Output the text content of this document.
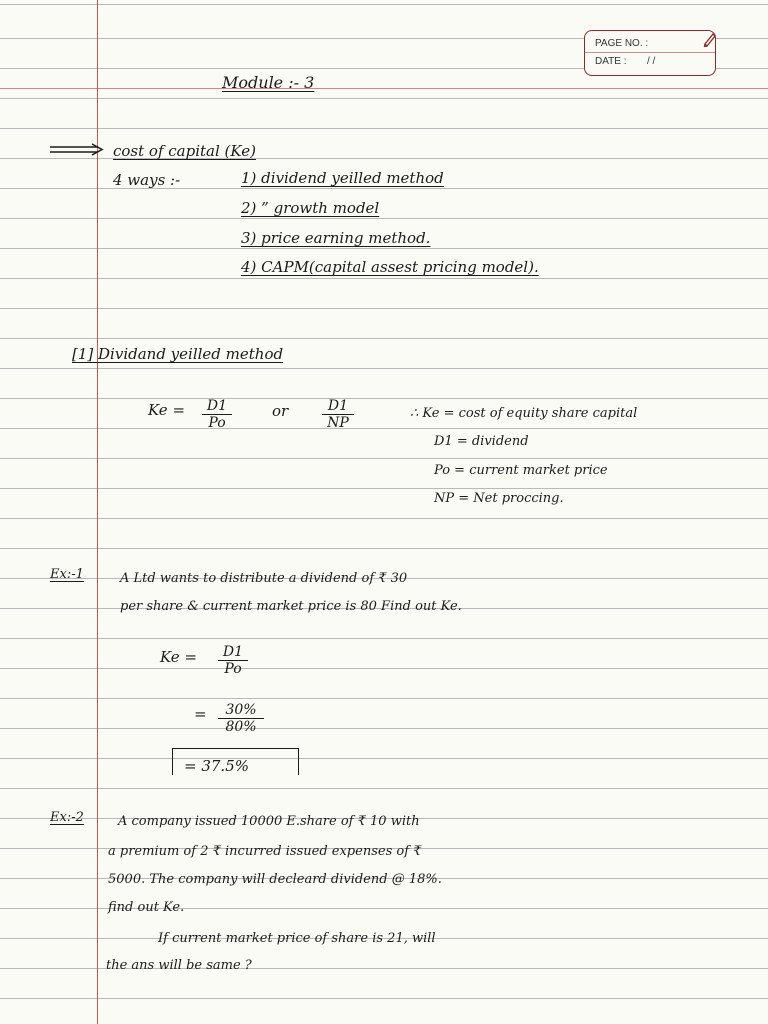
PAGE NO. :
DATE : / /
Module :- 3
cost of capital (Ke)
4 ways :-	1) dividend yeilled method
2) ” growth model
3) price earning method.
4) CAPM(capital assest pricing model).
[1] Dividand yeilled method
$Ke = \frac{D1}{Po}$	or $\frac{D1}{NP}$	∴ Ke = cost of equity share capital
D1 = dividend
Po = current market price
NP = Net proccing.
Ex:-1	A Ltd wants to distribute a dividend of ₹ 30
per share & current market price is 80 Find out Ke.
$Ke = \frac{D1}{Po}$
= $\frac{30\%}{80\%}$
= 37.5%
Ex:-2	A company issued 10000 E.share of ₹ 10 with
a premium of 2 ₹ incurred issued expenses of ₹
5000. The company will decleard dividend @ 18%.
find out Ke.
If current market price of share is 21, will
the ans will be same ?
